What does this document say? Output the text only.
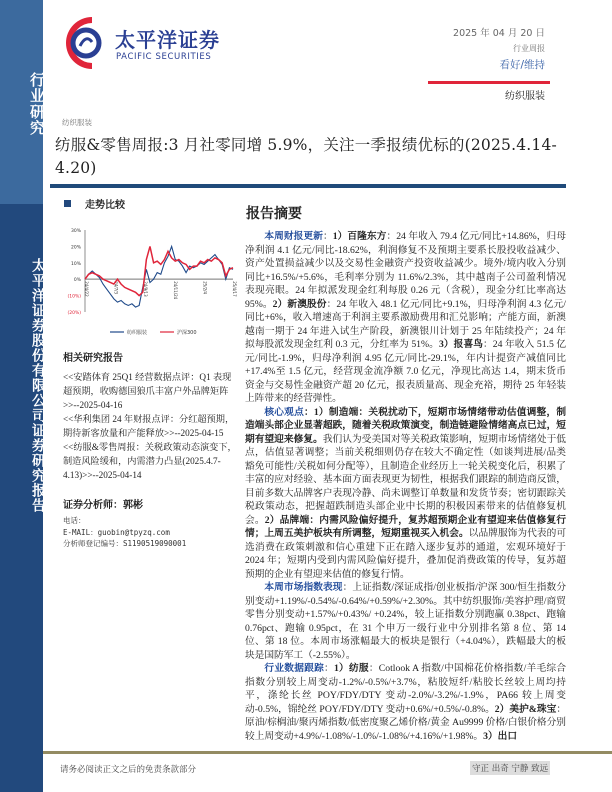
行业研究
太平洋证券股份有限公司证券研究报告
太平洋证券
PACIFIC SECURITIES
2025 年 04 月 20 日
行业周报
看好/维持
纺织服装
纺织服装
纺服&零售周报:3 月社零同增 5.9%，关注一季报绩优标的(2025.4.14-4.20)
走势比较
30%
20%
10%
0%
(10%)
(20%)
24/4/22	24/7/3	24/9/13	24/11/24	25/2/4	25/4/17
纺织服装	沪深300
相关研究报告
<<安踏体育 25Q1 经营数据点评：Q1 表现超预期，收购德国狼爪丰富户外品牌矩阵>>--2025-04-16
<<华利集团 24 年财报点评：分红超预期，期待新客放量和产能释放>>--2025-04-15
<<纺服&零售周报：关税政策动态演变下，制造风险缓和，内需潜力凸显(2025.4.7-4.13)>>--2025-04-14
证券分析师：郭彬
电话：
E-MAIL：guobin@tpyzq.com
分析师登记编号：S1190519090001
报告摘要

本周财报更新：1）百隆东方：24 年收入 79.4 亿元/同比+14.86%，归母净利润 4.1 亿元/同比-18.62%，利润修复不及预期主要系长股投收益减少、资产处置损益减少以及交易性金融资产投资收益减少。境外/境内收入分别同比+16.5%/+5.6%，毛利率分别为 11.6%/2.3%，其中越南子公司盈利情况表现亮眼。24 年拟派发现金红利每股 0.26 元（含税），现金分红比率高达 95%。2）新澳股份：24 年收入 48.1 亿元/同比+9.1%，归母净利润 4.3 亿元/同比+6%，收入增速高于利润主要系激励费用和汇兑影响；产能方面，新澳越南一期于 24 年进入试生产阶段，新澳银川计划于 25 年陆续投产；24 年拟每股派发现金红利 0.3 元，分红率为 51%。3）报喜鸟：24 年收入 51.5 亿元/同比-1.9%，归母净利润 4.95 亿元/同比-29.1%，年内计提资产减值同比+17.4%至 1.5 亿元，经营现金流净额 7.0 亿元，净现比高达 1.4，期末货币资金与交易性金融资产超 20 亿元，报表质量高、现金充裕，期待 25 年轻装上阵带来的经营弹性。

核心观点：1）制造端：关税扰动下，短期市场情绪带动估值调整，制造端头部企业显著超跌，随着关税政策演变，制造链避险情绪高点已过，短期有望迎来修复。我们认为受美国对等关税政策影响，短期市场情绪处于低点，估值显著调整；当前关税细则仍存在较大不确定性（如谈判进展/品类豁免可能性/关税如何分配等），且制造企业经历上一轮关税变化后，积累了丰富的应对经验、基本面方面表现更为韧性，根据我们跟踪的制造商反馈，目前多数大品牌客户表现冷静、尚未调整订单数量和发货节奏；密切跟踪关税政策动态，把握超跌制造头部企业中长期的积极因素带来的估值修复机会。2）品牌端：内需风险偏好提升，复苏超预期企业有望迎来估值修复行情；上周五美护板块有所调整，短期重视买入机会。以品牌服饰为代表的可选消费在政策刺激和信心重建下正在踏入逐步复苏的通道，宏观环境好于 2024 年；短期内受到内需风险偏好提升，叠加促消费政策的传导，复苏超预期的企业有望迎来估值的修复行情。

本周市场指数表现：上证指数/深证成指/创业板指/沪深 300/恒生指数分别变动+1.19%/-0.54%/-0.64%/+0.59%/+2.30%。其中纺织服饰/美容护理/商贸零售分别变动+1.57%/+0.43%/ +0.24%，较上证指数分别跑赢 0.38pct、跑输 0.76pct、跑输 0.95pct，在 31 个申万一级行业中分别排名第 8 位、第 14 位、第 18 位。本周市场涨幅最大的板块是银行（+4.04%），跌幅最大的板块是国防军工（-2.55%）。

行业数据跟踪：1）纺服：Cotlook A 指数/中国棉花价格指数/羊毛综合指数分别较上周变动-1.2%/-0.5%/+3.7%，粘胶短纤/粘胶长丝较上周均持平，涤纶长丝 POY/FDY/DTY 变动-2.0%/-3.2%/-1.9%，PA66 较上周变动-0.5%，锦纶丝 POY/FDY/DTY 变动+0.6%/+0.5%/-0.8%。2）美护&珠宝：原油/棕榈油/聚丙烯指数/低密度聚乙烯价格/黄金 Au9999 价格/白银价格分别较上周变动+4.9%/-1.08%/-1.0%/-1.08%/+4.16%/+1.98%。3）出口

请务必阅读正文之后的免责条款部分	守正 出奇 宁静 致远
